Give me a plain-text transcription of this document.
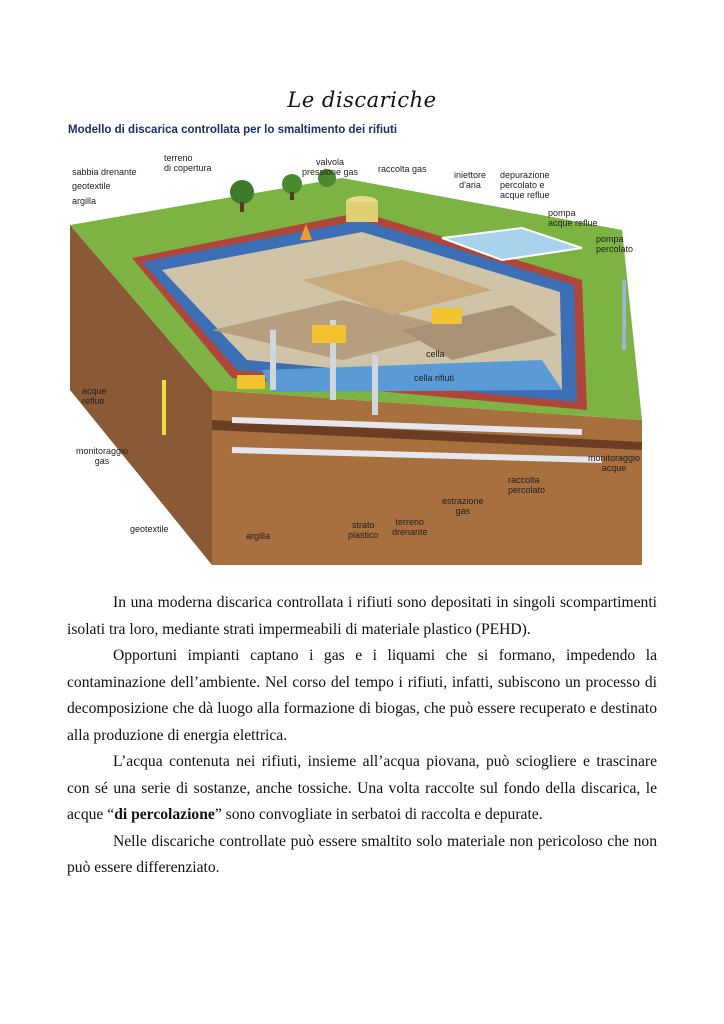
Le discariche
Modello di discarica controllata per lo smaltimento dei rifiuti
sabbia drenante
terreno
di copertura
valvola
pressione gas raccolta gas
iniettore
d'aria
depurazione
percolato e
acque reflue
pompa
acque reflue
pompa
percolato
geotextile
argilla
acque
reflue
monitoraggio
gas
geotextile
argilla
strato
plastico
terreno
drenante
estrazione
gas
raccolta
percolato
monitoraggio
acque
cella
cella rifiuti

In una moderna discarica controllata i rifiuti sono depositati in singoli scompartimenti isolati tra loro, mediante strati impermeabili di materiale plastico (PEHD).

Opportuni impianti captano i gas e i liquami che si formano, impedendo la contaminazione dell’ambiente. Nel corso del tempo i rifiuti, infatti, subiscono un processo di decomposizione che dà luogo alla formazione di biogas, che può essere recuperato e destinato alla produzione di energia elettrica.

L’acqua contenuta nei rifiuti, insieme all’acqua piovana, può sciogliere e trascinare con sé una serie di sostanze, anche tossiche. Una volta raccolte sul fondo della discarica, le acque “di percolazione” sono convogliate in serbatoi di raccolta e depurate.

Nelle discariche controllate può essere smaltito solo materiale non pericoloso che non può essere differenziato.
